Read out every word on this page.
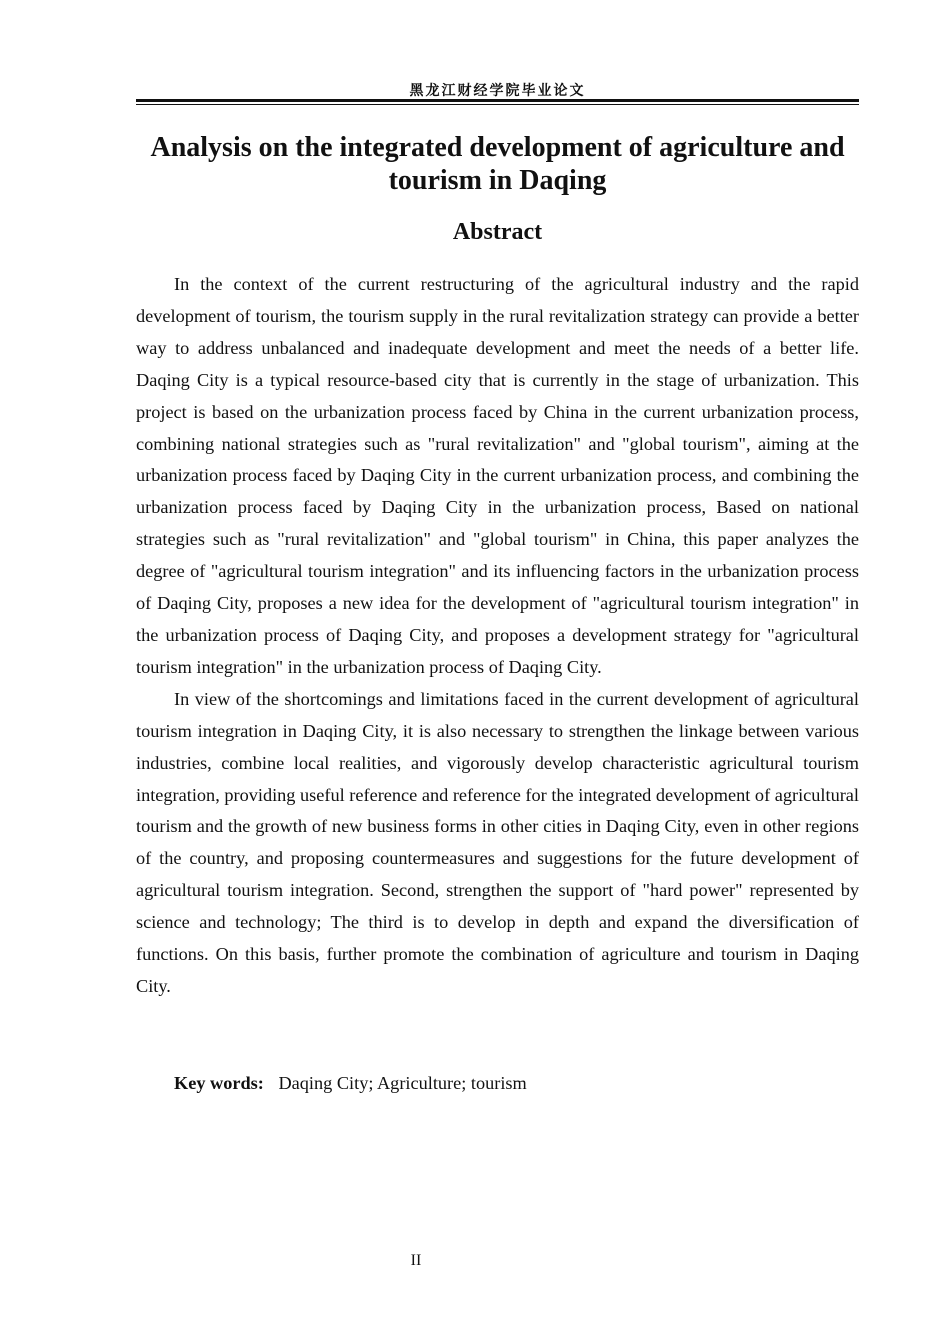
黑龙江财经学院毕业论文
Analysis on the integrated development of agriculture and tourism in Daqing
Abstract

In the context of the current restructuring of the agricultural industry and the rapid development of tourism, the tourism supply in the rural revitalization strategy can provide a better way to address unbalanced and inadequate development and meet the needs of a better life. Daqing City is a typical resource-based city that is currently in the stage of urbanization. This project is based on the urbanization process faced by China in the current urbanization process, combining national strategies such as "rural revitalization" and "global tourism", aiming at the urbanization process faced by Daqing City in the current urbanization process, and combining the urbanization process faced by Daqing City in the urbanization process, Based on national strategies such as "rural revitalization" and "global tourism" in China, this paper analyzes the degree of "agricultural tourism integration" and its influencing factors in the urbanization process of Daqing City, proposes a new idea for the development of "agricultural tourism integration" in the urbanization process of Daqing City, and proposes a development strategy for "agricultural tourism integration" in the urbanization process of Daqing City.

In view of the shortcomings and limitations faced in the current development of agricultural tourism integration in Daqing City, it is also necessary to strengthen the linkage between various industries, combine local realities, and vigorously develop characteristic agricultural tourism integration, providing useful reference and reference for the integrated development of agricultural tourism and the growth of new business forms in other cities in Daqing City, even in other regions of the country, and proposing countermeasures and suggestions for the future development of agricultural tourism integration. Second, strengthen the support of "hard power" represented by science and technology; The third is to develop in depth and expand the diversification of functions. On this basis, further promote the combination of agriculture and tourism in Daqing City.

Key words: Daqing City; Agriculture; tourism
II
